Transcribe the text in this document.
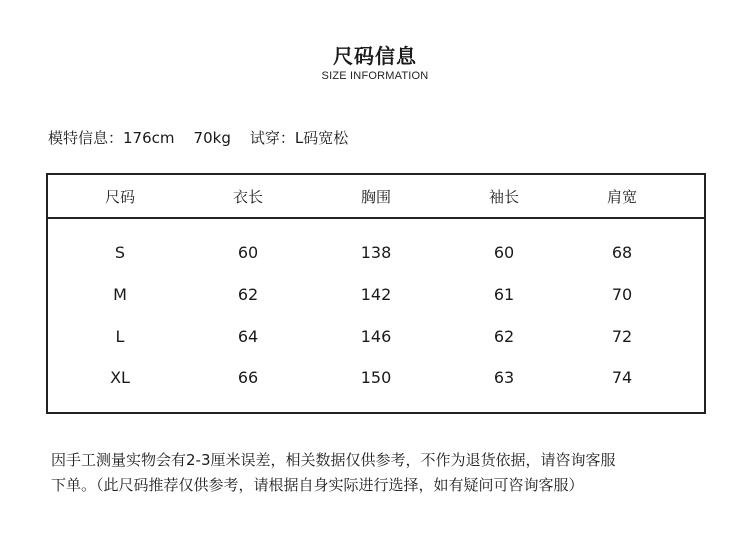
尺码信息
SIZE INFORMATION
模特信息：176cm    70kg    试穿：L码宽松
尺码	衣长	胸围	袖长	肩宽
S	60	138	60	68
M	62	142	61	70
L	64	146	62	72
XL	66	150	63	74

因手工测量实物会有2-3厘米误差，相关数据仅供参考，不作为退货依据，请咨询客服

下单。（此尺码推荐仅供参考，请根据自身实际进行选择，如有疑问可咨询客服）
